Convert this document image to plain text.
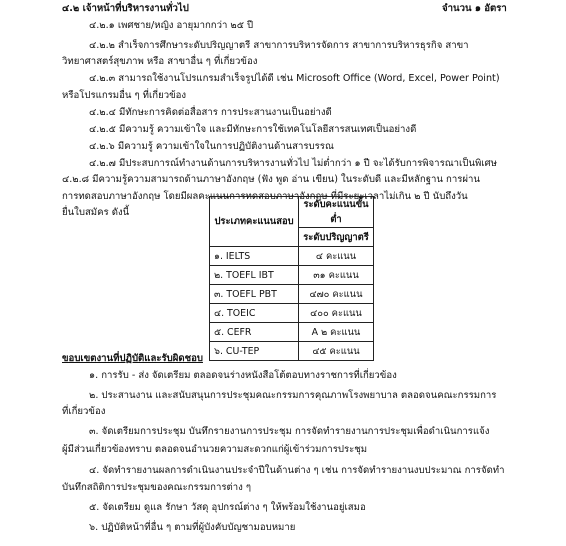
๔.๒ เจ้าหน้าที่บริหารงานทั่วไป	จำนวน ๑ อัตรา
๔.๒.๑ เพศชาย/หญิง อายุมากกว่า ๒๕ ปี
๔.๒.๒ สำเร็จการศึกษาระดับปริญญาตรี สาขาการบริหารจัดการ สาขาการบริหารธุรกิจ สาขา
วิทยาศาสตร์สุขภาพ หรือ สาขาอื่น ๆ ที่เกี่ยวข้อง
๔.๒.๓ สามารถใช้งานโปรแกรมสำเร็จรูปได้ดี เช่น Microsoft Office (Word, Excel, Power Point)
หรือโปรแกรมอื่น ๆ ที่เกี่ยวข้อง
๔.๒.๔ มีทักษะการคิดต่อสื่อสาร การประสานงานเป็นอย่างดี
๔.๒.๕ มีความรู้ ความเข้าใจ และมีทักษะการใช้เทคโนโลยีสารสนเทศเป็นอย่างดี
๔.๒.๖ มีความรู้ ความเข้าใจในการปฏิบัติงานด้านสารบรรณ
๔.๒.๗ มีประสบการณ์ทำงานด้านการบริหารงานทั่วไป ไม่ต่ำกว่า ๑ ปี จะได้รับการพิจารณาเป็นพิเศษ
๔.๒.๘ มีความรู้ความสามารถด้านภาษาอังกฤษ (ฟัง พูด อ่าน เขียน) ในระดับดี และมีหลักฐาน การผ่าน
การทดสอบภาษาอังกฤษ โดยมีผลคะแนนการทดสอบภาษาอังกฤษ ที่มีระยะเวลาไม่เกิน ๒ ปี นับถึงวัน
ยื่นใบสมัคร ดังนี้
ประเภทคะแนนสอบ	ระดับคะแนนขั้นต่ำ
	ระดับปริญญาตรี
๑. IELTS	๔ คะแนน
๒. TOEFL IBT	๓๑ คะแนน
๓. TOEFL PBT	๔๗๐ คะแนน
๔. TOEIC	๔๐๐ คะแนน
๕. CEFR	A ๒ คะแนน
๖. CU-TEP	๔๕ คะแนน
ขอบเขตงานที่ปฏิบัติและรับผิดชอบ
๑. การรับ - ส่ง จัดเตรียม ตลอดจนร่างหนังสือโต้ตอบทางราชการที่เกี่ยวข้อง
๒. ประสานงาน และสนับสนุนการประชุมคณะกรรมการคุณภาพโรงพยาบาล ตลอดจนคณะกรรมการ
ที่เกี่ยวข้อง
๓. จัดเตรียมการประชุม บันทึกรายงานการประชุม การจัดทำรายงานการประชุมเพื่อดำเนินการแจ้ง
ผู้มีส่วนเกี่ยวข้องทราบ ตลอดจนอำนวยความสะดวกแก่ผู้เข้าร่วมการประชุม
๔. จัดทำรายงานผลการดำเนินงานประจำปีในด้านต่าง ๆ เช่น การจัดทำรายงานงบประมาณ การจัดทำ
บันทึกสถิติการประชุมของคณะกรรมการต่าง ๆ
๕. จัดเตรียม ดูแล รักษา วัสดุ อุปกรณ์ต่าง ๆ ให้พร้อมใช้งานอยู่เสมอ
๖. ปฏิบัติหน้าที่อื่น ๆ ตามที่ผู้บังคับบัญชามอบหมาย
